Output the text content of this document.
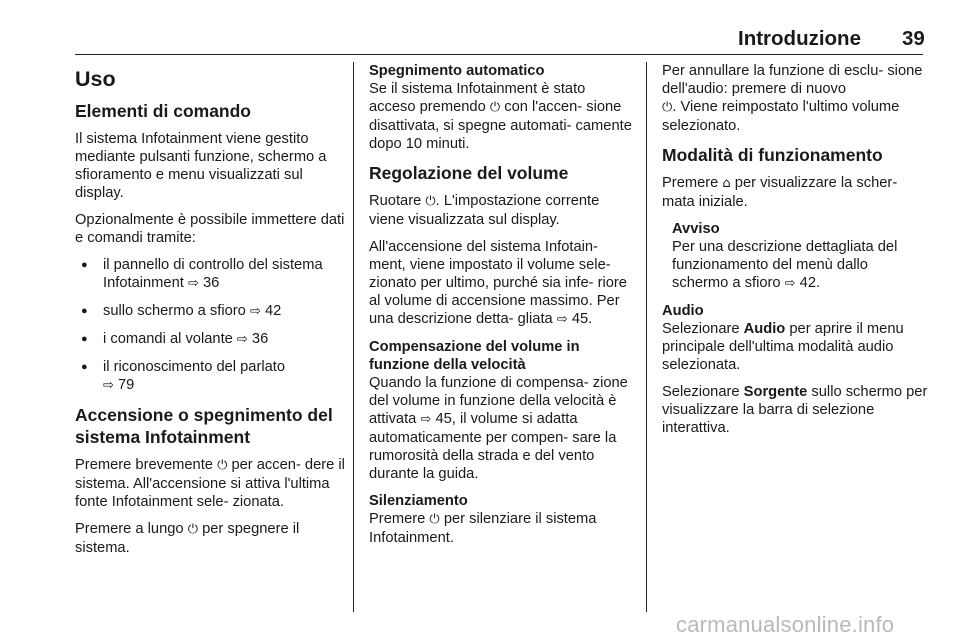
Introduzione 39
Uso
Elementi di comando

Il sistema Infotainment viene gestito mediante pulsanti funzione, schermo a sfioramento e menu visualizzati sul display.

Opzionalmente è possibile immettere dati e comandi tramite:

● il pannello di controllo del sistema Infotainment ⇨ 36
● sullo schermo a sfioro ⇨ 42
● i comandi al volante ⇨ 36
● il riconoscimento del parlato
⇨ 79
Accensione o spegnimento del sistema Infotainment

Premere brevemente ⏻ per accen- dere il sistema. All'accensione si attiva l'ultima fonte Infotainment sele- zionata.

Premere a lungo ⏻ per spegnere il sistema.

Spegnimento automatico

Se il sistema Infotainment è stato acceso premendo ⏻ con l'accen- sione disattivata, si spegne automati- camente dopo 10 minuti.

Regolazione del volume

Ruotare ⏻. L'impostazione corrente viene visualizzata sul display.

All'accensione del sistema Infotain- ment, viene impostato il volume sele- zionato per ultimo, purché sia infe- riore al volume di accensione massimo. Per una descrizione detta- gliata ⇨ 45.

Compensazione del volume in funzione della velocità

Quando la funzione di compensa- zione del volume in funzione della velocità è attivata ⇨ 45, il volume si adatta automaticamente per compen- sare la rumorosità della strada e del vento durante la guida.

Silenziamento

Premere ⏻ per silenziare il sistema Infotainment.

Per annullare la funzione di esclu- sione dell'audio: premere di nuovo
⏻. Viene reimpostato l'ultimo volume selezionato.

Modalità di funzionamento

Premere ⌂ per visualizzare la scher- mata iniziale.

Avviso
Per una descrizione dettagliata del funzionamento del menù dallo schermo a sfioro ⇨ 42.
Audio

Selezionare Audio per aprire il menu principale dell'ultima modalità audio selezionata.

Selezionare Sorgente sullo schermo per visualizzare la barra di selezione interattiva.

carmanualsonline.info
